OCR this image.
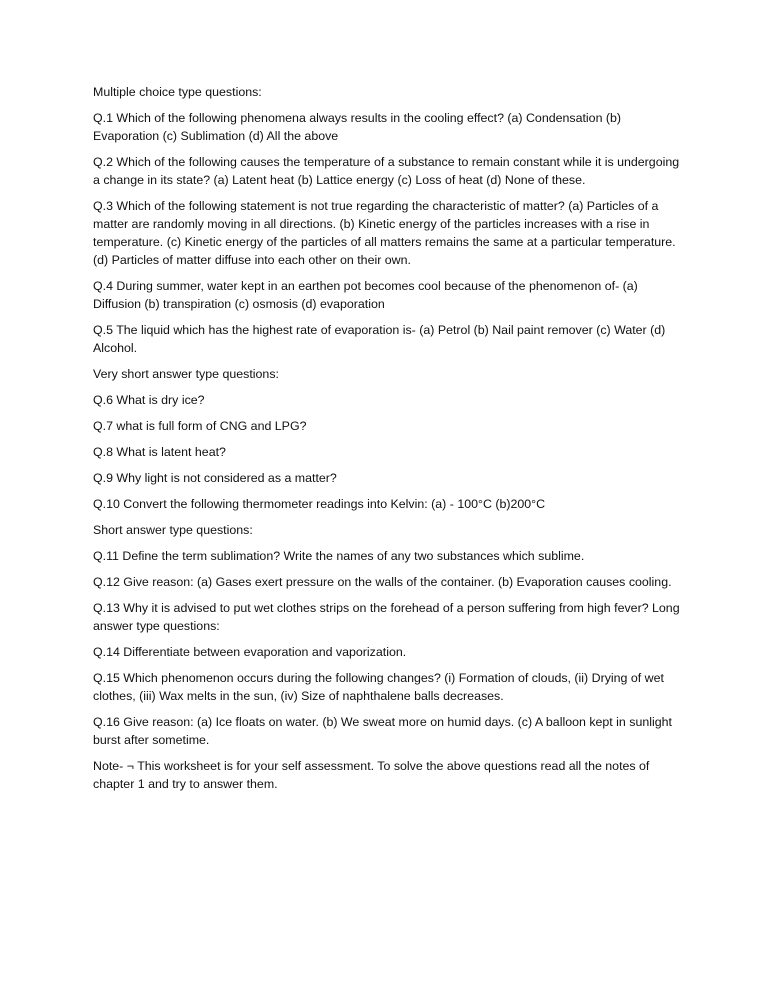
Multiple choice type questions:

Q.1 Which of the following phenomena always results in the cooling effect? (a) Condensation (b) Evaporation (c) Sublimation (d) All the above

Q.2 Which of the following causes the temperature of a substance to remain constant while it is undergoing a change in its state? (a) Latent heat (b) Lattice energy (c) Loss of heat (d) None of these.

Q.3 Which of the following statement is not true regarding the characteristic of matter? (a) Particles of a matter are randomly moving in all directions. (b) Kinetic energy of the particles increases with a rise in temperature. (c) Kinetic energy of the particles of all matters remains the same at a particular temperature. (d) Particles of matter diffuse into each other on their own.

Q.4 During summer, water kept in an earthen pot becomes cool because of the phenomenon of- (a) Diffusion (b) transpiration (c) osmosis (d) evaporation

Q.5 The liquid which has the highest rate of evaporation is- (a) Petrol (b) Nail paint remover (c) Water (d) Alcohol.

Very short answer type questions:

Q.6 What is dry ice?

Q.7 what is full form of CNG and LPG?

Q.8 What is latent heat?

Q.9 Why light is not considered as a matter?

Q.10 Convert the following thermometer readings into Kelvin: (a) - 100°C (b)200°C

Short answer type questions:

Q.11 Define the term sublimation? Write the names of any two substances which sublime.

Q.12 Give reason: (a) Gases exert pressure on the walls of the container. (b) Evaporation causes cooling.

Q.13 Why it is advised to put wet clothes strips on the forehead of a person suffering from high fever? Long answer type questions:

Q.14 Differentiate between evaporation and vaporization.

Q.15 Which phenomenon occurs during the following changes? (i) Formation of clouds, (ii) Drying of wet clothes, (iii) Wax melts in the sun, (iv) Size of naphthalene balls decreases.

Q.16 Give reason: (a) Ice floats on water. (b) We sweat more on humid days. (c) A balloon kept in sunlight burst after sometime.

Note- ¬ This worksheet is for your self assessment. To solve the above questions read all the notes of chapter 1 and try to answer them.
